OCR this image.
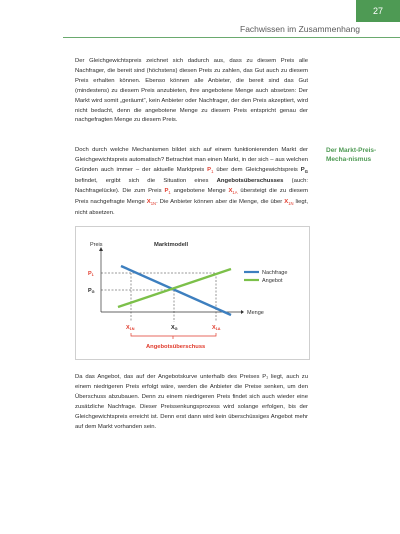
27
Fachwissen im Zusammenhang

Der Gleichgewichtspreis zeichnet sich dadurch aus, dass zu diesem Preis alle Nachfrager, die bereit sind (höchstens) diesen Preis zu zahlen, das Gut auch zu diesem Preis erhalten können. Ebenso können alle Anbieter, die bereit sind das Gut (mindestens) zu diesem Preis anzubieten, ihre angebotene Menge auch absetzen: Der Markt wird somit „geräumt“, kein Anbieter oder Nachfrager, der den Preis akzeptiert, wird nicht bedacht, denn die angebotene Menge zu diesem Preis entspricht genau der nachgefragten Menge zu diesem Preis.

Doch durch welche Mechanismen bildet sich auf einem funktionierenden Markt der Gleichgewichtspreis automatisch? Betrachtet man einen Markt, in der sich – aus welchen Gründen auch immer – der aktuelle Marktpreis $P_1$ über dem Gleichgewichtspreis $P_G$ befindet, ergibt sich die Situation eines Angebotsüberschusses (auch: Nachfragelücke). Die zum Preis $P_1$ angebotene Menge $X_{1A}$ übersteigt die zu diesem Preis nachgefragte Menge $X_{1N}$. Die Anbieter können aber die Menge, die über $X_{1N}$ liegt, nicht absetzen.

Der Markt-Preis-Mecha-nismus
Preis
Menge
Marktmodell
$P_1$
$P_G$
$X_{1N}$	$X_G$	$X_{1A}$
Angebotsüberschuss
Nachfrage
Angebot

Da das Angebot, das auf der Angebotskurve unterhalb des Preises P₁ liegt, auch zu einem niedrigeren Preis erfolgt wäre, werden die Anbieter die Preise senken, um den Überschuss abzubauen. Denn zu einem niedrigeren Preis findet sich auch wieder eine zusätzliche Nachfrage. Dieser Preissenkungsprozess wird solange erfolgen, bis der Gleichgewichtspreis erreicht ist. Denn erst dann wird kein überschüssiges Angebot mehr auf dem Markt vorhanden sein.
